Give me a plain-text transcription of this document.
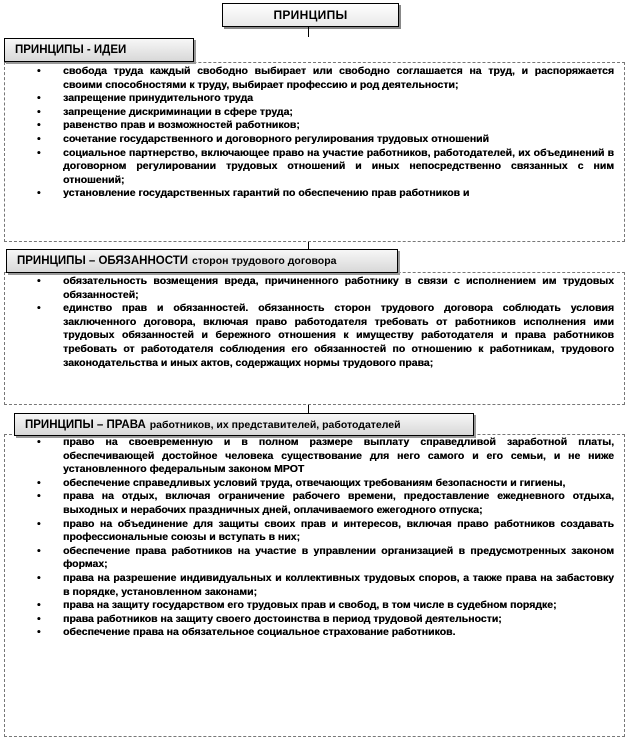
ПРИНЦИПЫ
• свобода труда каждый свободно выбирает или свободно соглашается на труд, и распоряжается своими способностями к труду, выбирает профессию и род деятельности;
• запрещение принудительного труда
• запрещение дискриминации в сфере труда;
• равенство прав и возможностей работников;
• сочетание государственного и договорного регулирования трудовых отношений
• социальное партнерство, включающее право на участие работников, работодателей, их объединений в договорном регулировании трудовых отношений и иных непосредственно связанных с ним отношений;
• установление государственных гарантий по обеспечению прав работников и
ПРИНЦИПЫ - ИДЕИ
• обязательность возмещения вреда, причиненного работнику в связи с исполнением им трудовых обязанностей;
• единство прав и обязанностей. обязанность сторон трудового договора соблюдать условия заключенного договора, включая право работодателя требовать от работников исполнения ими трудовых обязанностей и бережного отношения к имуществу работодателя и права работников требовать от работодателя соблюдения его обязанностей по отношению к работникам, трудового законодательства и иных актов, содержащих нормы трудового права;
ПРИНЦИПЫ – ОБЯЗАННОСТИ сторон трудового договора
• право на своевременную и в полном размере выплату справедливой заработной платы, обеспечивающей достойное человека существование для него самого и его семьи, и не ниже установленного федеральным законом МРОТ
• обеспечение справедливых условий труда, отвечающих требованиям безопасности и гигиены,
• права на отдых, включая ограничение рабочего времени, предоставление ежедневного отдыха, выходных и нерабочих праздничных дней, оплачиваемого ежегодного отпуска;
• право на объединение для защиты своих прав и интересов, включая право работников создавать профессиональные союзы и вступать в них;
• обеспечение права работников на участие в управлении организацией в предусмотренных законом формах;
• права на разрешение индивидуальных и коллективных трудовых споров, а также права на забастовку в порядке, установленном законами;
• права на защиту государством его трудовых прав и свобод, в том числе в судебном порядке;
• права работников на защиту своего достоинства в период трудовой деятельности;
• обеспечение права на обязательное социальное страхование работников.
ПРИНЦИПЫ – ПРАВА работников, их представителей, работодателей
